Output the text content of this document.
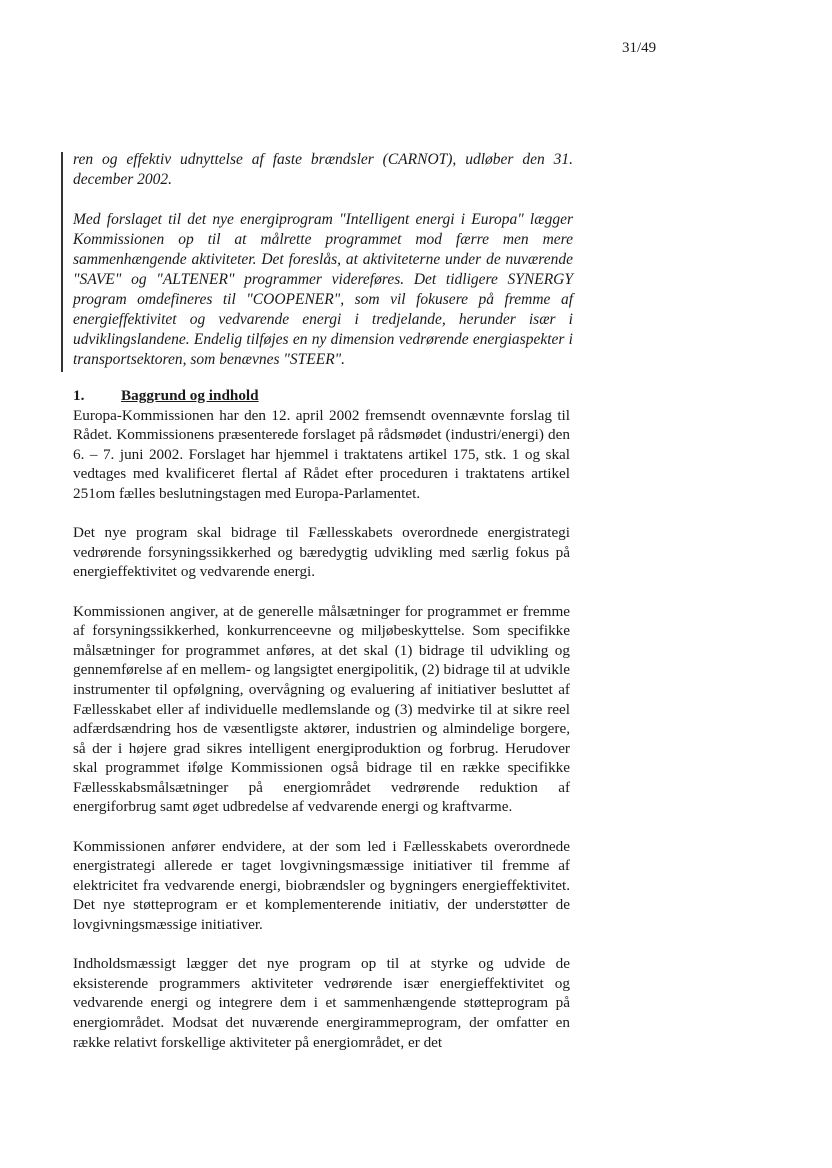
31/49

ren og effektiv udnyttelse af faste brændsler (CARNOT), udløber den 31. december 2002.

Med forslaget til det nye energiprogram "Intelligent energi i Europa" lægger Kommissionen op til at målrette programmet mod færre men mere sammenhængende aktiviteter. Det foreslås, at aktiviteterne under de nuværende "SAVE" og "ALTENER" programmer videreføres. Det tidligere SYNERGY program omdefineres til "COOPENER", som vil fokusere på fremme af energieffektivitet og vedvarende energi i tredjelande, herunder især i udviklingslandene. Endelig tilføjes en ny dimension vedrørende energiaspekter i transportsektoren, som benævnes "STEER".

1.	Baggrund og indhold

Europa-Kommissionen har den 12. april 2002 fremsendt ovennævnte forslag til Rådet. Kommissionens præsenterede forslaget på rådsmødet (industri/energi) den 6. – 7. juni 2002. Forslaget har hjemmel i traktatens artikel 175, stk. 1 og skal vedtages med kvalificeret flertal af Rådet efter proceduren i traktatens artikel 251om fælles beslutningstagen med Europa-Parlamentet.

Det nye program skal bidrage til Fællesskabets overordnede energistrategi vedrørende forsyningssikkerhed og bæredygtig udvikling med særlig fokus på energieffektivitet og vedvarende energi.

Kommissionen angiver, at de generelle målsætninger for programmet er fremme af forsyningssikkerhed, konkurrenceevne og miljøbeskyttelse. Som specifikke målsætninger for programmet anføres, at det skal (1) bidrage til udvikling og gennemførelse af en mellem- og langsigtet energipolitik, (2) bidrage til at udvikle instrumenter til opfølgning, overvågning og evaluering af initiativer besluttet af Fællesskabet eller af individuelle medlemslande og (3) medvirke til at sikre reel adfærdsændring hos de væsentligste aktører, industrien og almindelige borgere, så der i højere grad sikres intelligent energiproduktion og forbrug. Herudover skal programmet ifølge Kommissionen også bidrage til en række specifikke Fællesskabsmålsætninger på energiområdet vedrørende reduktion af energiforbrug samt øget udbredelse af vedvarende energi og kraftvarme.

Kommissionen anfører endvidere, at der som led i Fællesskabets overordnede energistrategi allerede er taget lovgivningsmæssige initiativer til fremme af elektricitet fra vedvarende energi, biobrændsler og bygningers energieffektivitet. Det nye støtteprogram er et komplementerende initiativ, der understøtter de lovgivningsmæssige initiativer.

Indholdsmæssigt lægger det nye program op til at styrke og udvide de eksisterende programmers aktiviteter vedrørende især energieffektivitet og vedvarende energi og integrere dem i et sammenhængende støtteprogram på energiområdet. Modsat det nuværende energirammeprogram, der omfatter en række relativt forskellige aktiviteter på energiområdet, er det
